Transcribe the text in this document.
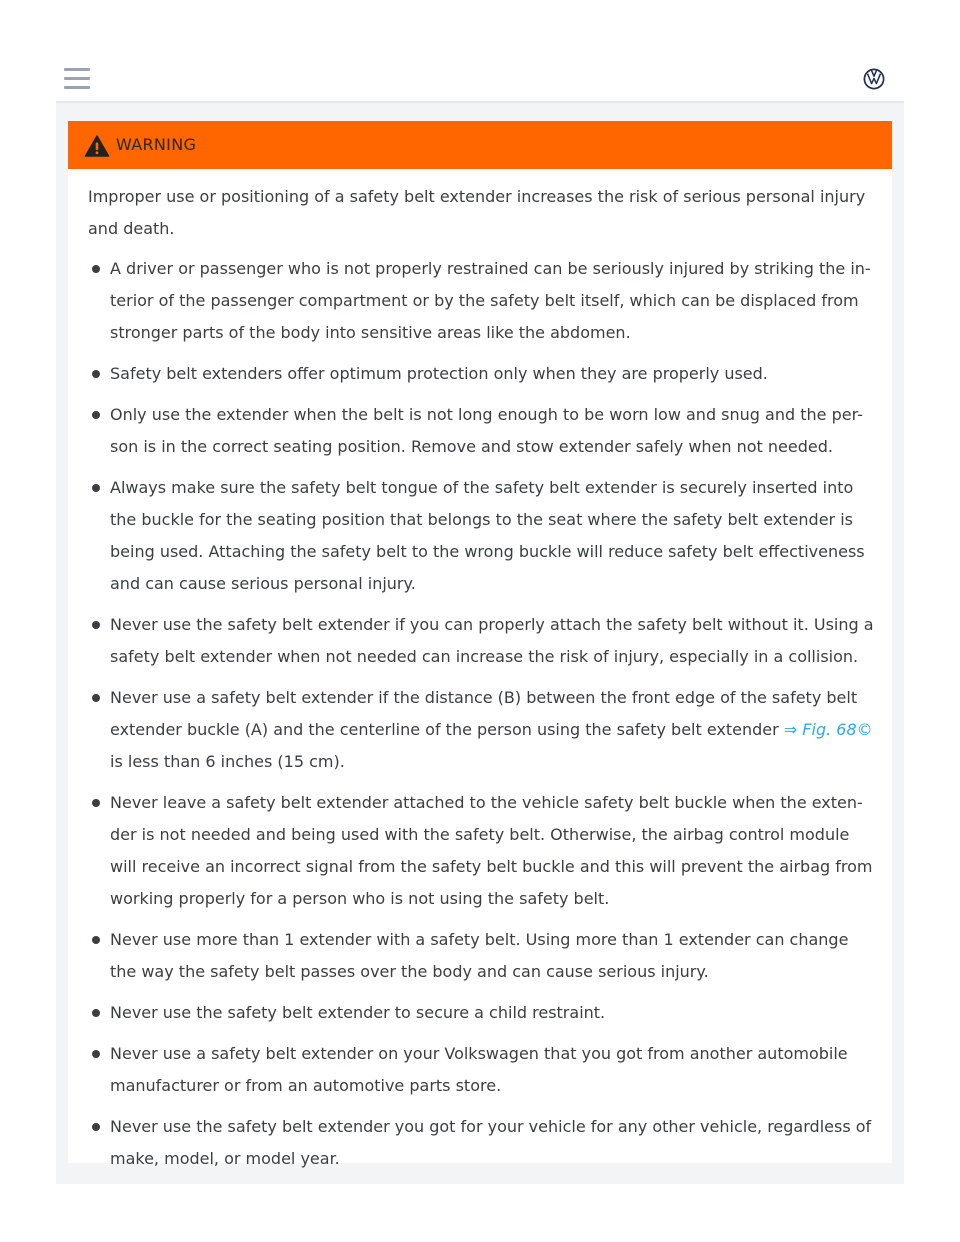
WARNING

Improper use or positioning of a safety belt extender increases the risk of serious personal injury and death.

A driver or passenger who is not properly restrained can be seriously injured by striking the in-terior of the passenger compartment or by the safety belt itself, which can be displaced from stronger parts of the body into sensitive areas like the abdomen.
Safety belt extenders offer optimum protection only when they are properly used.
Only use the extender when the belt is not long enough to be worn low and snug and the per-son is in the correct seating position. Remove and stow extender safely when not needed.
Always make sure the safety belt tongue of the safety belt extender is securely inserted into the buckle for the seating position that belongs to the seat where the safety belt extender is being used. Attaching the safety belt to the wrong buckle will reduce safety belt effectiveness and can cause serious personal injury.
Never use the safety belt extender if you can properly attach the safety belt without it. Using a safety belt extender when not needed can increase the risk of injury, especially in a collision.
Never use a safety belt extender if the distance (B) between the front edge of the safety belt extender buckle (A) and the centerline of the person using the safety belt extender ⇒ Fig. 68© is less than 6 inches (15 cm).
Never leave a safety belt extender attached to the vehicle safety belt buckle when the exten-der is not needed and being used with the safety belt. Otherwise, the airbag control module will receive an incorrect signal from the safety belt buckle and this will prevent the airbag from working properly for a person who is not using the safety belt.
Never use more than 1 extender with a safety belt. Using more than 1 extender can change the way the safety belt passes over the body and can cause serious injury.
Never use the safety belt extender to secure a child restraint.
Never use a safety belt extender on your Volkswagen that you got from another automobile manufacturer or from an automotive parts store.
Never use the safety belt extender you got for your vehicle for any other vehicle, regardless of make, model, or model year.
